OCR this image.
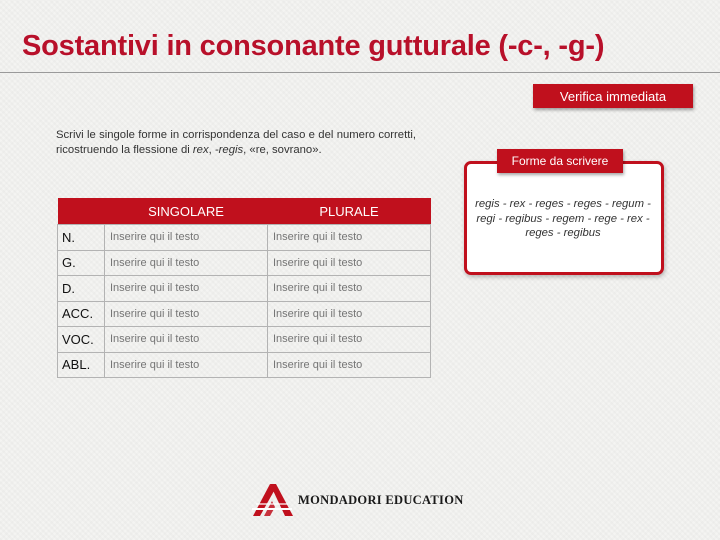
Sostantivi in consonante gutturale (-c-, -g-)
Verifica immediata
Scrivi le singole forme in corrispondenza del caso e del numero corretti, ricostruendo la flessione di rex, -regis, «re, sovrano».
	SINGOLARE	PLURALE
N.	Inserire qui il testo	Inserire qui il testo
G.	Inserire qui il testo	Inserire qui il testo
D.	Inserire qui il testo	Inserire qui il testo
ACC.	Inserire qui il testo	Inserire qui il testo
VOC.	Inserire qui il testo	Inserire qui il testo
ABL.	Inserire qui il testo	Inserire qui il testo
Forme da scrivere
regis - rex - reges - reges - regum - regi - regibus - regem - rege - rex - reges - regibus
MONDADORI EDUCATION
